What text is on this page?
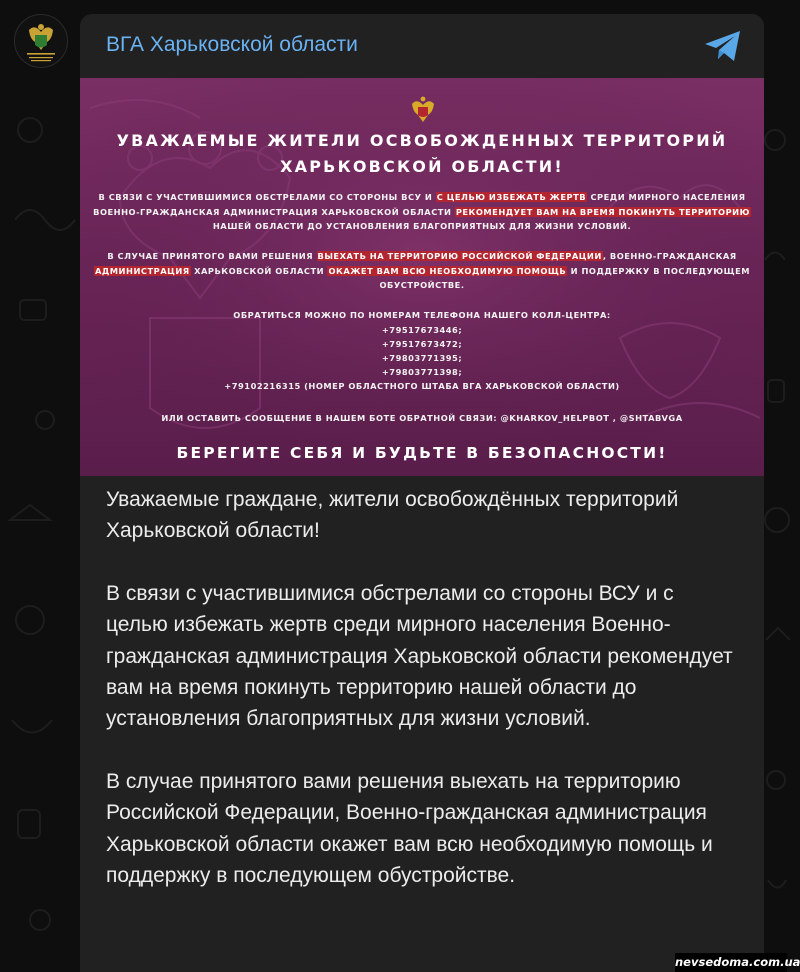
ВГА Харьковской области
УВАЖАЕМЫЕ ЖИТЕЛИ ОСВОБОЖДЕННЫХ ТЕРРИТОРИЙ
ХАРЬКОВСКОЙ ОБЛАСТИ!
В СВЯЗИ С УЧАСТИВШИМИСЯ ОБСТРЕЛАМИ СО СТОРОНЫ ВСУ И С ЦЕЛЬЮ ИЗБЕЖАТЬ ЖЕРТВ СРЕДИ МИРНОГО НАСЕЛЕНИЯ
ВОЕННО-ГРАЖДАНСКАЯ АДМИНИСТРАЦИЯ ХАРЬКОВСКОЙ ОБЛАСТИ РЕКОМЕНДУЕТ ВАМ НА ВРЕМЯ ПОКИНУТЬ ТЕРРИТОРИЮ
НАШЕЙ ОБЛАСТИ ДО УСТАНОВЛЕНИЯ БЛАГОПРИЯТНЫХ ДЛЯ ЖИЗНИ УСЛОВИЙ.
В СЛУЧАЕ ПРИНЯТОГО ВАМИ РЕШЕНИЯ ВЫЕХАТЬ НА ТЕРРИТОРИЮ РОССИЙСКОЙ ФЕДЕРАЦИИ, ВОЕННО-ГРАЖДАНСКАЯ
АДМИНИСТРАЦИЯ ХАРЬКОВСКОЙ ОБЛАСТИ ОКАЖЕТ ВАМ ВСЮ НЕОБХОДИМУЮ ПОМОЩЬ И ПОДДЕРЖКУ В ПОСЛЕДУЮЩЕМ
ОБУСТРОЙСТВЕ.
ОБРАТИТЬСЯ МОЖНО ПО НОМЕРАМ ТЕЛЕФОНА НАШЕГО КОЛЛ-ЦЕНТРА:
+79517673446;
+79517673472;
+79803771395;
+79803771398;
+79102216315 (НОМЕР ОБЛАСТНОГО ШТАБА ВГА ХАРЬКОВСКОЙ ОБЛАСТИ)
ИЛИ ОСТАВИТЬ СООБЩЕНИЕ В НАШЕМ БОТЕ ОБРАТНОЙ СВЯЗИ: @KHARKOV_HELPBOT , @SHTABVGA
БЕРЕГИТЕ СЕБЯ И БУДЬТЕ В БЕЗОПАСНОСТИ!

Уважаемые граждане, жители освобождённых территорий Харьковской области!

В связи с участившимися обстрелами со стороны ВСУ и с целью избежать жертв среди мирного населения Военно-гражданская администрация Харьковской области рекомендует вам на время покинуть территорию нашей области до установления благоприятных для жизни условий.

В случае принятого вами решения выехать на территорию Российской Федерации, Военно-гражданская администрация Харьковской области окажет вам всю необходимую помощь и поддержку в последующем обустройстве.

nevsedoma.com.ua
